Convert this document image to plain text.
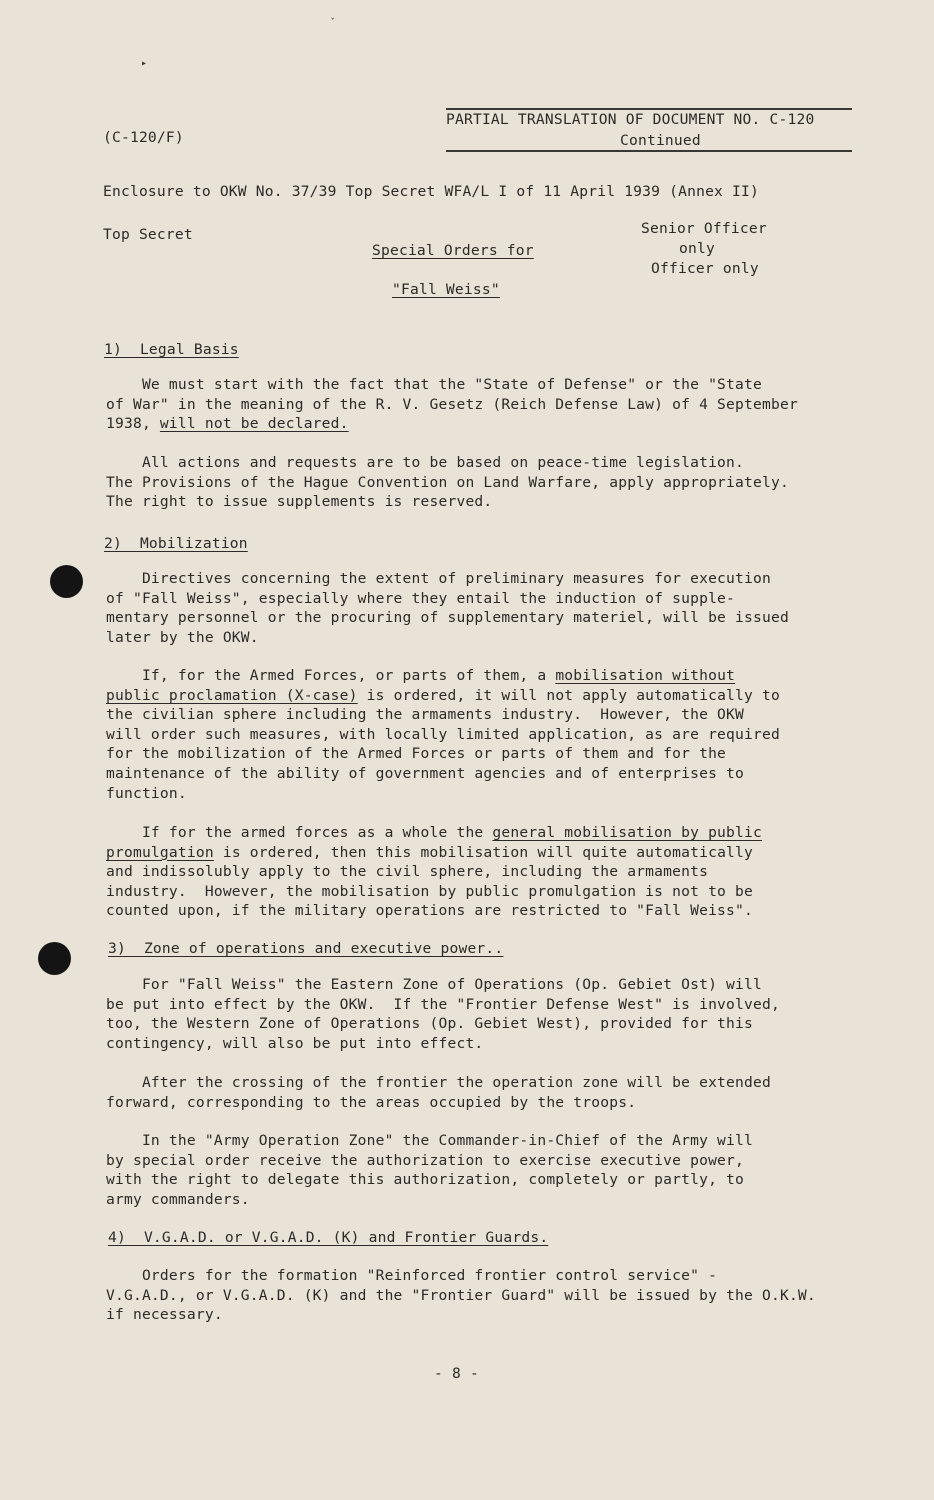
▸
ˇ
(C-120/F)
PARTIAL TRANSLATION OF DOCUMENT NO. C-120
Continued
Enclosure to OKW No. 37/39 Top Secret WFA/L I of 11 April 1939 (Annex II)
Top Secret
Special Orders for
"Fall Weiss"
Senior Officer
only
Officer only
1)  Legal Basis
We must start with the fact that the "State of Defense" or the "State
of War" in the meaning of the R. V. Gesetz (Reich Defense Law) of 4 September
1938, will not be declared.
All actions and requests are to be based on peace-time legislation.
The Provisions of the Hague Convention on Land Warfare, apply appropriately.
The right to issue supplements is reserved.
2)  Mobilization
Directives concerning the extent of preliminary measures for execution
of "Fall Weiss", especially where they entail the induction of supple-
mentary personnel or the procuring of supplementary materiel, will be issued
later by the OKW.
If, for the Armed Forces, or parts of them, a mobilisation without
public proclamation (X-case) is ordered, it will not apply automatically to
the civilian sphere including the armaments industry.  However, the OKW
will order such measures, with locally limited application, as are required
for the mobilization of the Armed Forces or parts of them and for the
maintenance of the ability of government agencies and of enterprises to
function.
If for the armed forces as a whole the general mobilisation by public
promulgation is ordered, then this mobilisation will quite automatically
and indissolubly apply to the civil sphere, including the armaments
industry.  However, the mobilisation by public promulgation is not to be
counted upon, if the military operations are restricted to "Fall Weiss".
3)  Zone of operations and executive power..
For "Fall Weiss" the Eastern Zone of Operations (Op. Gebiet Ost) will
be put into effect by the OKW.  If the "Frontier Defense West" is involved,
too, the Western Zone of Operations (Op. Gebiet West), provided for this
contingency, will also be put into effect.
After the crossing of the frontier the operation zone will be extended
forward, corresponding to the areas occupied by the troops.
In the "Army Operation Zone" the Commander-in-Chief of the Army will
by special order receive the authorization to exercise executive power,
with the right to delegate this authorization, completely or partly, to
army commanders.
4)  V.G.A.D. or V.G.A.D. (K) and Frontier Guards.
Orders for the formation "Reinforced frontier control service" -
V.G.A.D., or V.G.A.D. (K) and the "Frontier Guard" will be issued by the O.K.W.
if necessary.
- 8 -
